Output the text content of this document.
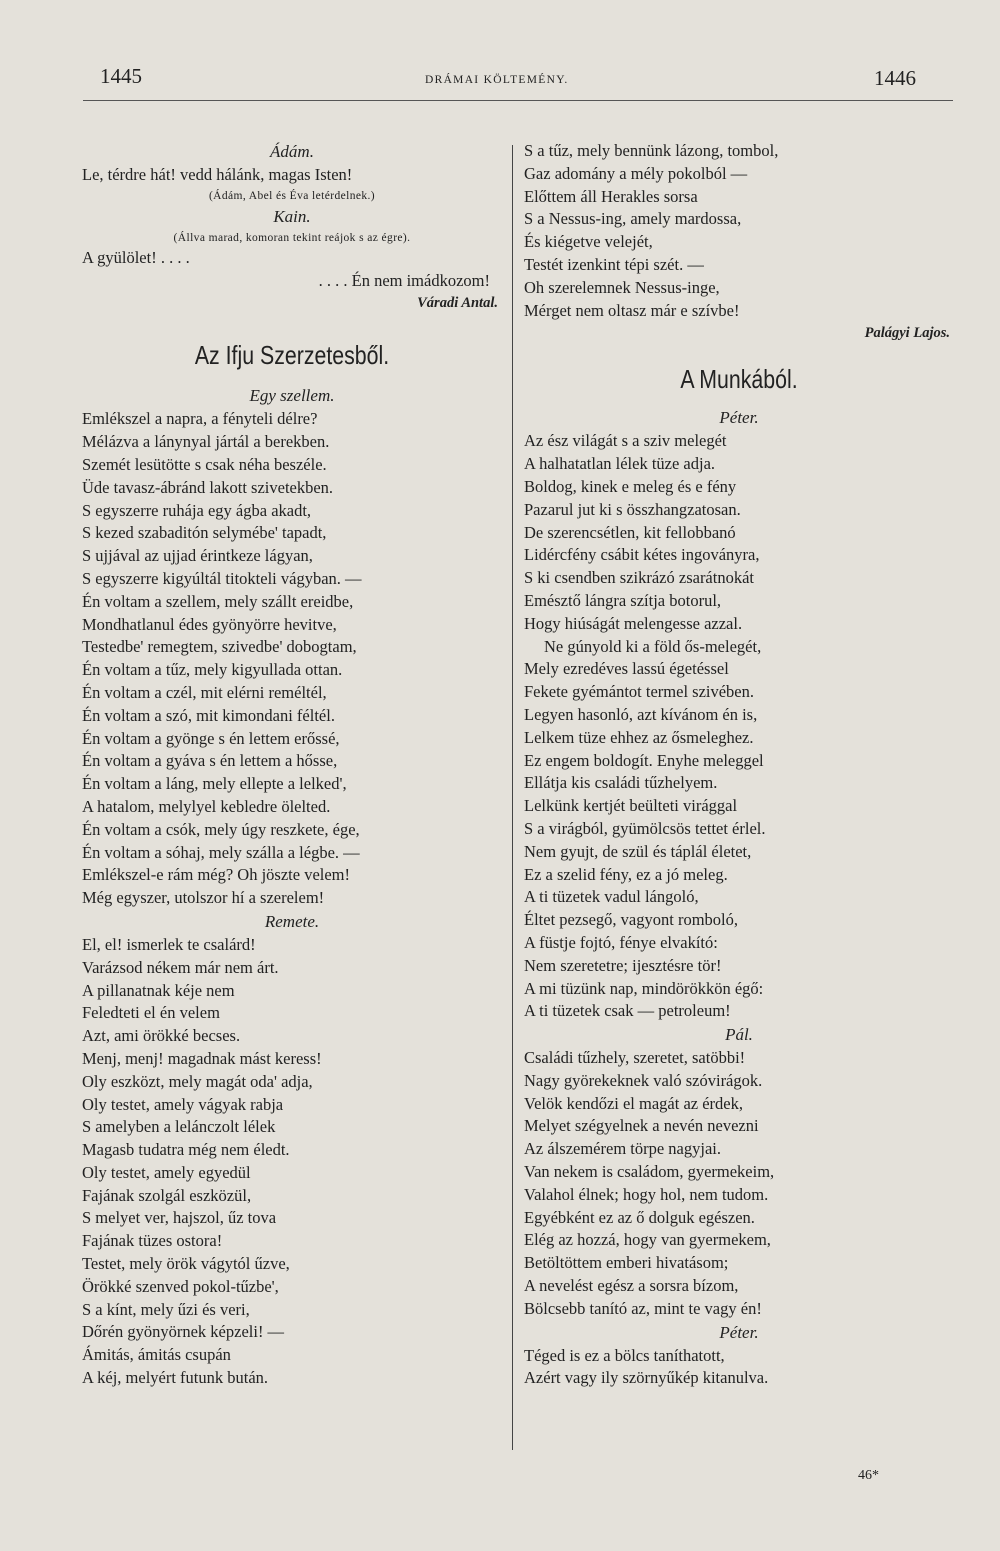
1445	DRÁMAI KÖLTEMÉNY.	1446
Ádám.
Le, térdre hát! vedd hálánk, magas Isten!
(Ádám, Abel és Éva letérdelnek.)
Kain.
(Állva marad, komoran tekint reájok s az égre).
A gyülölet! . . . .
. . . . Én nem imádkozom!
Váradi Antal.
Az Ifju Szerzetesből.
Egy szellem.
Emlékszel a napra, a fényteli délre?
Mélázva a lánynyal jártál a berekben.
Szemét lesütötte s csak néha beszéle.
Üde tavasz-ábránd lakott szivetekben.
S egyszerre ruhája egy ágba akadt,
S kezed szabaditón selymébe' tapadt,
S ujjával az ujjad érintkeze lágyan,
S egyszerre kigyúltál titokteli vágyban. —
Én voltam a szellem, mely szállt ereidbe,
Mondhatlanul édes gyönyörre hevitve,
Testedbe' remegtem, szivedbe' dobogtam,
Én voltam a tűz, mely kigyullada ottan.
Én voltam a czél, mit elérni reméltél,
Én voltam a szó, mit kimondani féltél.
Én voltam a gyönge s én lettem erőssé,
Én voltam a gyáva s én lettem a hősse,
Én voltam a láng, mely ellepte a lelked',
A hatalom, melylyel kebledre ölelted.
Én voltam a csók, mely úgy reszkete, ége,
Én voltam a sóhaj, mely szálla a légbe. —
Emlékszel-e rám még? Oh jöszte velem!
Még egyszer, utolszor hí a szerelem!
Remete.
El, el! ismerlek te csalárd!
Varázsod nékem már nem árt.
A pillanatnak kéje nem
Feledteti el én velem
Azt, ami örökké becses.
Menj, menj! magadnak mást keress!
Oly eszközt, mely magát oda' adja,
Oly testet, amely vágyak rabja
S amelyben a lelánczolt lélek
Magasb tudatra még nem éledt.
Oly testet, amely egyedül
Fajának szolgál eszközül,
S melyet ver, hajszol, űz tova
Fajának tüzes ostora!
Testet, mely örök vágytól űzve,
Örökké szenved pokol-tűzbe',
S a kínt, mely űzi és veri,
Dőrén gyönyörnek képzeli! —
Ámitás, ámitás csupán
A kéj, melyért futunk bután.
S a tűz, mely bennünk lázong, tombol,
Gaz adomány a mély pokolból —
Előttem áll Herakles sorsa
S a Nessus-ing, amely mardossa,
És kiégetve velejét,
Testét izenkint tépi szét. —
Oh szerelemnek Nessus-inge,
Mérget nem oltasz már e szívbe!
Palágyi Lajos.
A Munkából.
Péter.
Az ész világát s a sziv melegét
A halhatatlan lélek tüze adja.
Boldog, kinek e meleg és e fény
Pazarul jut ki s összhangzatosan.
De szerencsétlen, kit fellobbanó
Lidércfény csábit kétes ingoványra,
S ki csendben szikrázó zsarátnokát
Emésztő lángra szítja botorul,
Hogy hiúságát melengesse azzal.
Ne gúnyold ki a föld ős-melegét,
Mely ezredéves lassú égetéssel
Fekete gyémántot termel szivében.
Legyen hasonló, azt kívánom én is,
Lelkem tüze ehhez az ősmeleghez.
Ez engem boldogít. Enyhe meleggel
Ellátja kis családi tűzhelyem.
Lelkünk kertjét beülteti virággal
S a virágból, gyümölcsös tettet érlel.
Nem gyujt, de szül és táplál életet,
Ez a szelid fény, ez a jó meleg.
A ti tüzetek vadul lángoló,
Éltet pezsegő, vagyont romboló,
A füstje fojtó, fénye elvakító:
Nem szeretetre; ijesztésre tör!
A mi tüzünk nap, mindörökkön égő:
A ti tüzetek csak — petroleum!
Pál.
Családi tűzhely, szeretet, satöbbi!
Nagy györekeknek való szóvirágok.
Velök kendőzi el magát az érdek,
Melyet szégyelnek a nevén nevezni
Az álszemérem törpe nagyjai.
Van nekem is családom, gyermekeim,
Valahol élnek; hogy hol, nem tudom.
Egyébként ez az ő dolguk egészen.
Elég az hozzá, hogy van gyermekem,
Betöltöttem emberi hivatásom;
A nevelést egész a sorsra bízom,
Bölcsebb tanító az, mint te vagy én!
Péter.
Téged is ez a bölcs taníthatott,
Azért vagy ily szörnyűkép kitanulva.
46*
